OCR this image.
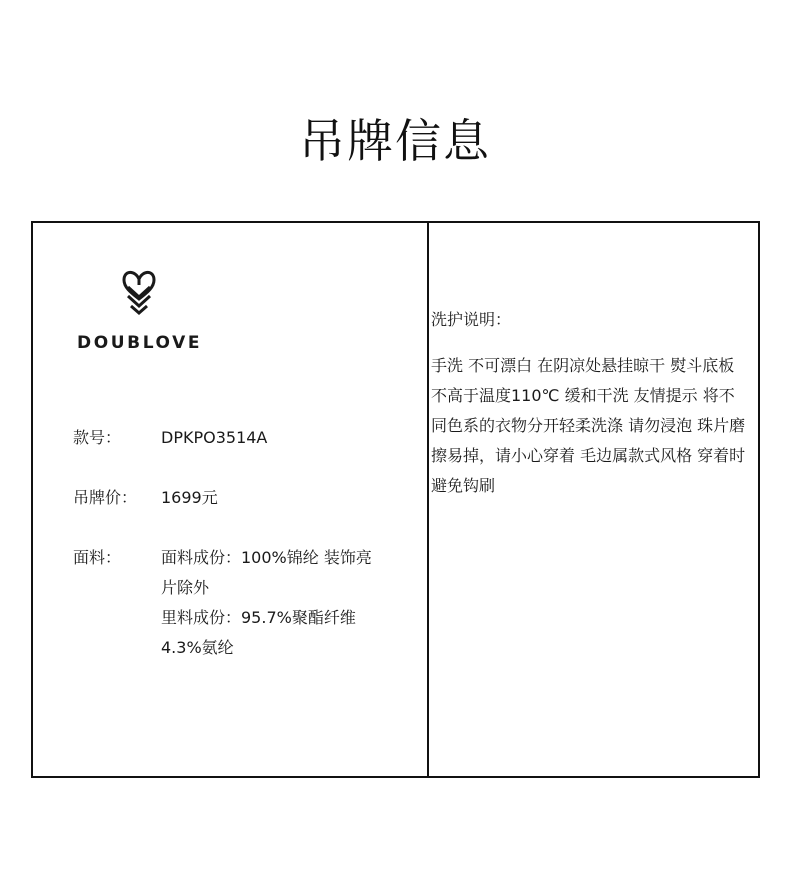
吊牌信息
DOUBLOVE
款号：	DPKPO3514A
吊牌价：	1699元
面料：	面料成份：100%锦纶 装饰亮片除外
里料成份：95.7%聚酯纤维4.3%氨纶
洗护说明：
手洗 不可漂白 在阴凉处悬挂晾干 熨斗底板不高于温度110℃ 缓和干洗 友情提示 将不同色系的衣物分开轻柔洗涤 请勿浸泡 珠片磨擦易掉，请小心穿着 毛边属款式风格 穿着时避免钩刷
